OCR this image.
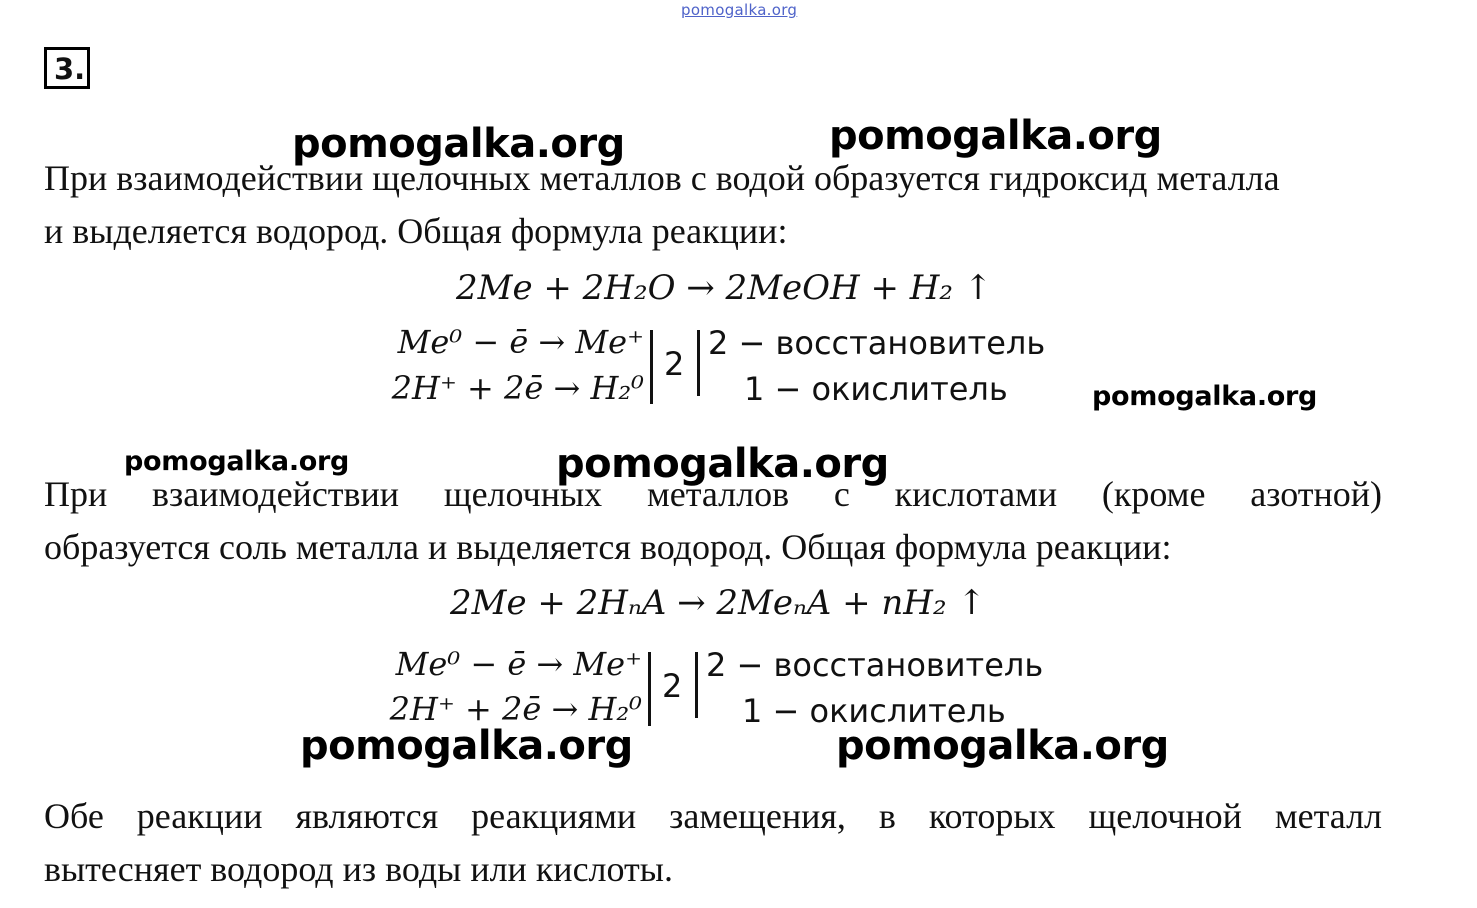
pomogalka.org
3.
При взаимодействии щелочных металлов с водой образуется гидроксид металла
и выделяется водород. Общая формула реакции:
2Me + 2H₂O → 2MeOH + H₂ ↑
Me⁰ − ē → Me⁺
2H⁺ + 2ē → H₂⁰
2
2 − восстановитель
1 − окислитель
При взаимодействии щелочных металлов с кислотами (кроме азотной)
образуется соль металла и выделяется водород. Общая формула реакции:
2Me + 2HₙA → 2MeₙA + nH₂ ↑
Me⁰ − ē → Me⁺
2H⁺ + 2ē → H₂⁰
2
2 − восстановитель
1 − окислитель
Обе реакции являются реакциями замещения, в которых щелочной металл
вытесняет водород из воды или кислоты.
pomogalka.org	pomogalka.org
pomogalka.org
pomogalka.org	pomogalka.org
pomogalka.org	pomogalka.org
